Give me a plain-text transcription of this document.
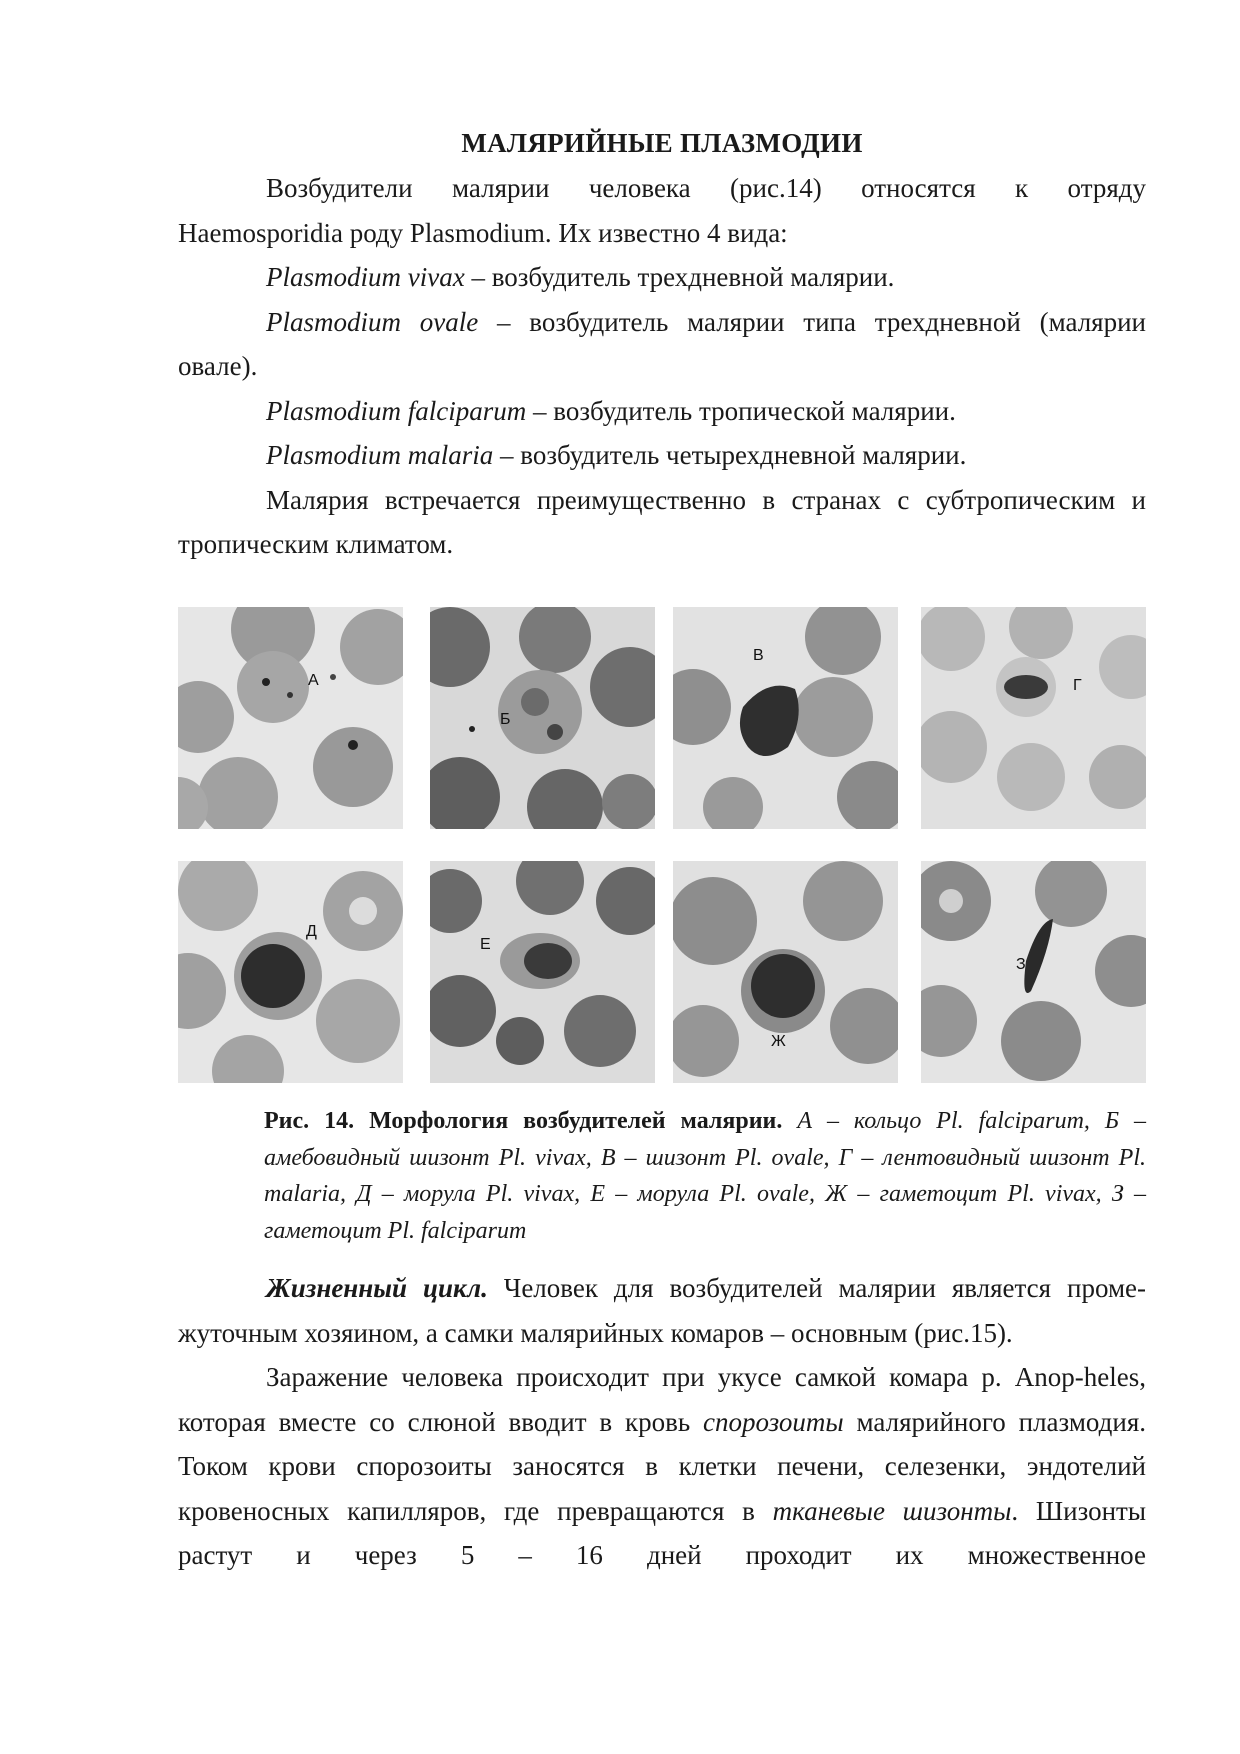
МАЛЯРИЙНЫЕ ПЛАЗМОДИИ

Возбудители малярии человека (рис.14) относятся к отряду

Haemosporidia роду Plasmodium. Их известно 4 вида:

Plasmodium vivax – возбудитель трехдневной малярии.

Plasmodium ovale – возбудитель малярии типа трехдневной (малярии овале).

Plasmodium falciparum – возбудитель тропической малярии.

Plasmodium malaria – возбудитель четырехдневной малярии.

Малярия встречается преимущественно в странах с субтропическим и тропическим климатом.

А
Б
В
Г
Д
Е
Ж
З

Рис. 14. Морфология возбудителей малярии. А – кольцо Pl. falciparum, Б – амебовидный шизонт Pl. vivax, В – шизонт Pl. ovale, Г – лентовидный шизонт Pl. malaria, Д – морула Pl. vivax, Е – морула Pl. ovale, Ж – гаметоцит Pl. vivax, З – гаметоцит Pl. falciparum

Жизненный цикл. Человек для возбудителей малярии является проме-жуточным хозяином, а самки малярийных комаров – основным (рис.15).

Заражение человека происходит при укусе самкой комара р. Anop-heles, которая вместе со слюной вводит в кровь спорозоиты малярийного плазмодия. Током крови спорозоиты заносятся в клетки печени, селезенки, эндотелий кровеносных капилляров, где превращаются в тканевые шизонты. Шизонты растут и через 5 – 16 дней проходит их множественное
